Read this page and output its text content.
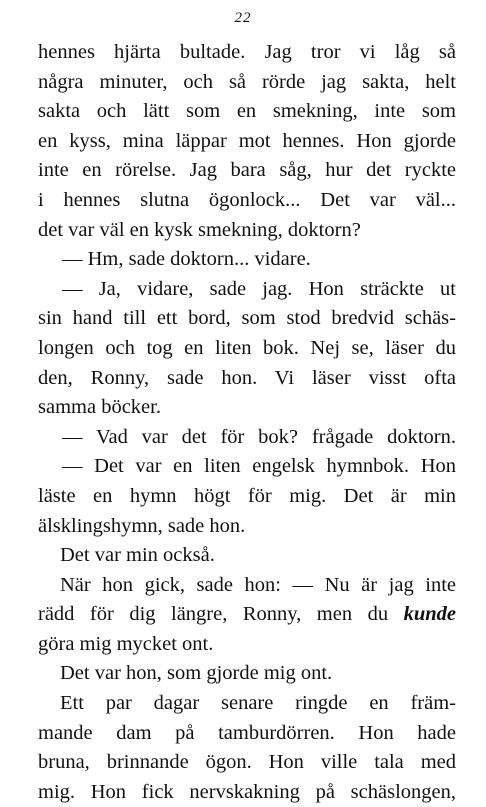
22
hennes hjärta bultade. Jag tror vi låg så
några minuter, och så rörde jag sakta, helt
sakta och lätt som en smekning, inte som
en kyss, mina läppar mot hennes. Hon gjorde
inte en rörelse. Jag bara såg, hur det ryckte
i hennes slutna ögonlock... Det var väl...
det var väl en kysk smekning, doktorn?
— Hm, sade doktorn... vidare.
— Ja, vidare, sade jag. Hon sträckte ut
sin hand till ett bord, som stod bredvid schäs-
longen och tog en liten bok. Nej se, läser du
den, Ronny, sade hon. Vi läser visst ofta
samma böcker.
— Vad var det för bok? frågade doktorn.
— Det var en liten engelsk hymnbok. Hon
läste en hymn högt för mig. Det är min
älsklingshymn, sade hon.
Det var min också.
När hon gick, sade hon: — Nu är jag inte
rädd för dig längre, Ronny, men du kunde
göra mig mycket ont.
Det var hon, som gjorde mig ont.
Ett par dagar senare ringde en främ-
mande dam på tamburdörren. Hon hade
bruna, brinnande ögon. Hon ville tala med
mig. Hon fick nervskakning på schäslongen,
